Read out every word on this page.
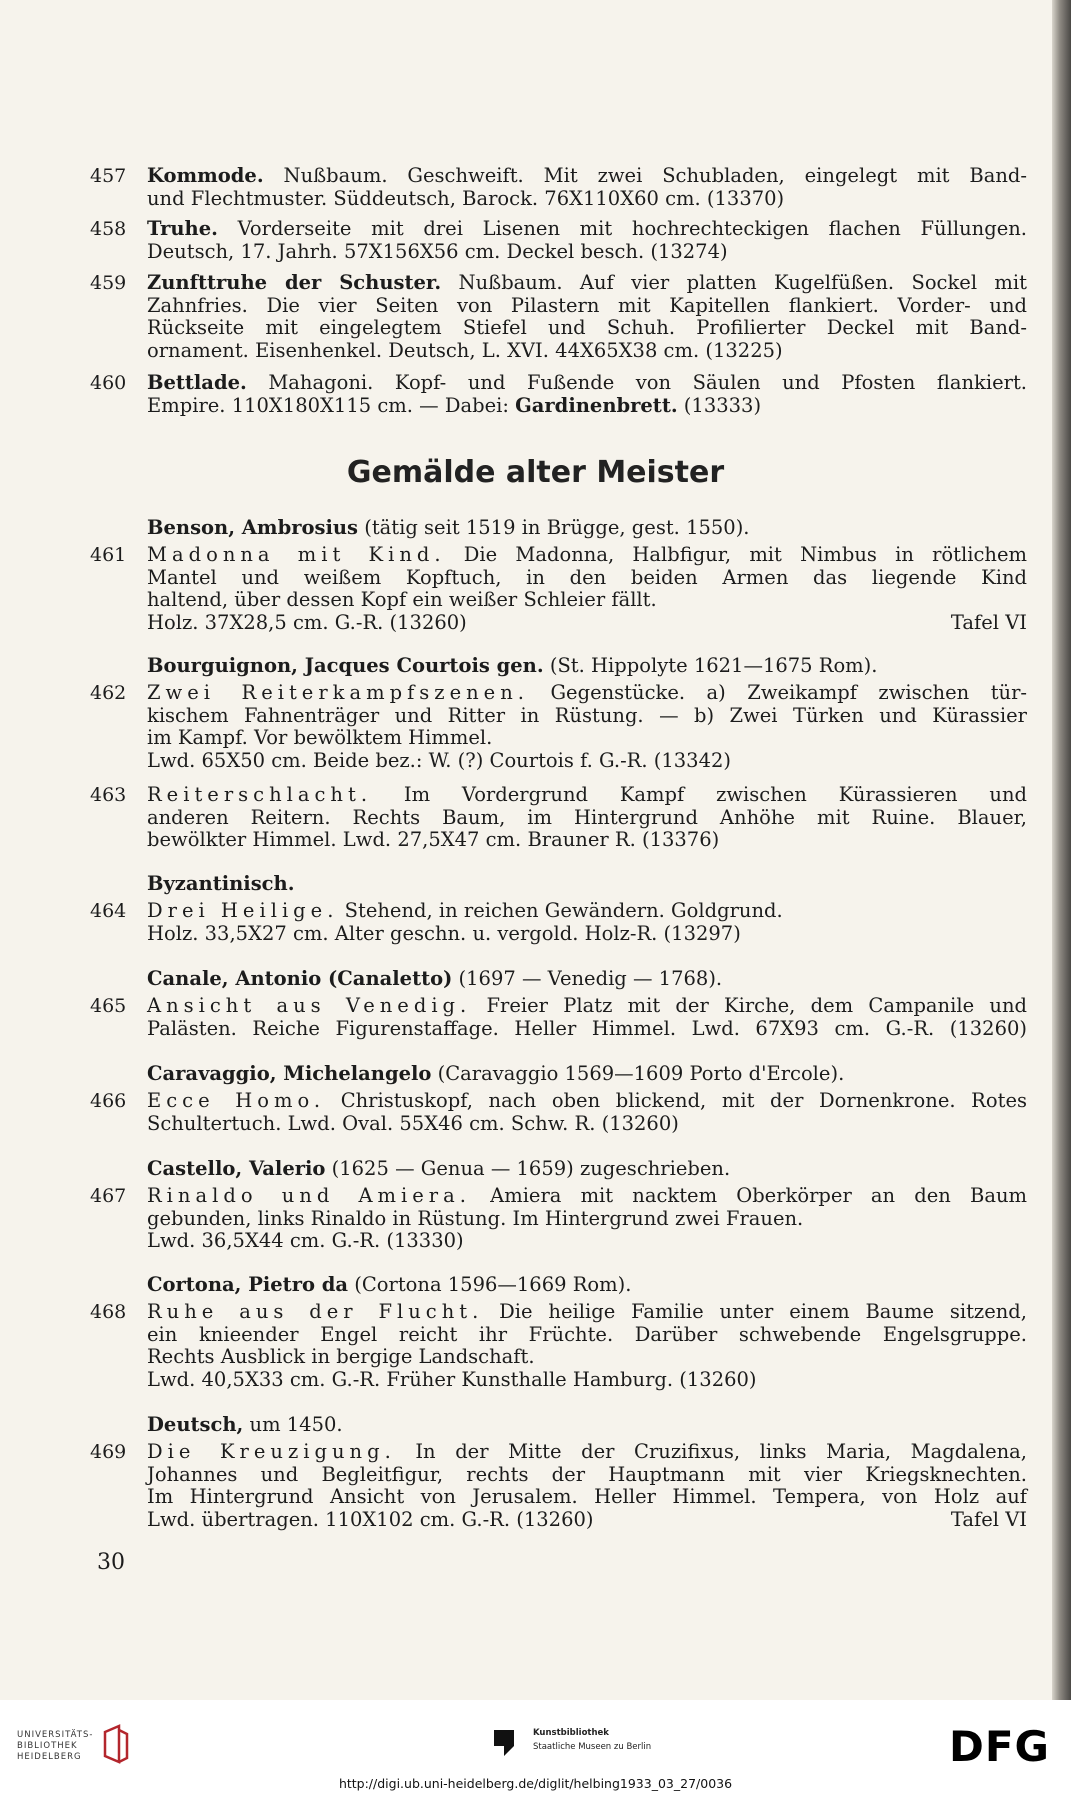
457 Kommode. Nußbaum. Geschweift. Mit zwei Schubladen, eingelegt mit Band-
und Flechtmuster. Süddeutsch, Barock. 76X110X60 cm. (13370)
458 Truhe. Vorderseite mit drei Lisenen mit hochrechteckigen flachen Füllungen.
Deutsch, 17. Jahrh. 57X156X56 cm. Deckel besch. (13274)
459 Zunfttruhe der Schuster. Nußbaum. Auf vier platten Kugelfüßen. Sockel mit
Zahnfries. Die vier Seiten von Pilastern mit Kapitellen flankiert. Vorder- und
Rückseite mit eingelegtem Stiefel und Schuh. Profilierter Deckel mit Band-
ornament. Eisenhenkel. Deutsch, L. XVI. 44X65X38 cm. (13225)
460 Bettlade. Mahagoni. Kopf- und Fußende von Säulen und Pfosten flankiert.
Empire. 110X180X115 cm. — Dabei: Gardinenbrett. (13333)
Gemälde alter Meister
Benson, Ambrosius (tätig seit 1519 in Brügge, gest. 1550).
461 Madonna mit Kind. Die Madonna, Halbfigur, mit Nimbus in rötlichem
Mantel und weißem Kopftuch, in den beiden Armen das liegende Kind
haltend, über dessen Kopf ein weißer Schleier fällt.
Holz. 37X28,5 cm. G.-R. (13260)	Tafel VI
Bourguignon, Jacques Courtois gen. (St. Hippolyte 1621—1675 Rom).
462 Zwei Reiterkampfszenen. Gegenstücke. a) Zweikampf zwischen tür-
kischem Fahnenträger und Ritter in Rüstung. — b) Zwei Türken und Kürassier
im Kampf. Vor bewölktem Himmel.
Lwd. 65X50 cm. Beide bez.: W. (?) Courtois f. G.-R. (13342)
463 Reiterschlacht. Im Vordergrund Kampf zwischen Kürassieren und
anderen Reitern. Rechts Baum, im Hintergrund Anhöhe mit Ruine. Blauer,
bewölkter Himmel. Lwd. 27,5X47 cm. Brauner R. (13376)
Byzantinisch.
464 Drei Heilige. Stehend, in reichen Gewändern. Goldgrund.
Holz. 33,5X27 cm. Alter geschn. u. vergold. Holz-R. (13297)
Canale, Antonio (Canaletto) (1697 — Venedig — 1768).
465 Ansicht aus Venedig. Freier Platz mit der Kirche, dem Campanile und
Palästen. Reiche Figurenstaffage. Heller Himmel. Lwd. 67X93 cm. G.-R. (13260)
Caravaggio, Michelangelo (Caravaggio 1569—1609 Porto d'Ercole).
466 Ecce Homo. Christuskopf, nach oben blickend, mit der Dornenkrone. Rotes
Schultertuch. Lwd. Oval. 55X46 cm. Schw. R. (13260)
Castello, Valerio (1625 — Genua — 1659) zugeschrieben.
467 Rinaldo und Amiera. Amiera mit nacktem Oberkörper an den Baum
gebunden, links Rinaldo in Rüstung. Im Hintergrund zwei Frauen.
Lwd. 36,5X44 cm. G.-R. (13330)
Cortona, Pietro da (Cortona 1596—1669 Rom).
468 Ruhe aus der Flucht. Die heilige Familie unter einem Baume sitzend,
ein knieender Engel reicht ihr Früchte. Darüber schwebende Engelsgruppe.
Rechts Ausblick in bergige Landschaft.
Lwd. 40,5X33 cm. G.-R. Früher Kunsthalle Hamburg. (13260)
Deutsch, um 1450.
469 Die Kreuzigung. In der Mitte der Cruzifixus, links Maria, Magdalena,
Johannes und Begleitfigur, rechts der Hauptmann mit vier Kriegsknechten.
Im Hintergrund Ansicht von Jerusalem. Heller Himmel. Tempera, von Holz auf
Lwd. übertragen. 110X102 cm. G.-R. (13260)	Tafel VI
30
UNIVERSITÄTS-
BIBLIOTHEK
HEIDELBERG
Kunstbibliothek
Staatliche Museen zu Berlin	DFG
http://digi.ub.uni-heidelberg.de/diglit/helbing1933_03_27/0036
